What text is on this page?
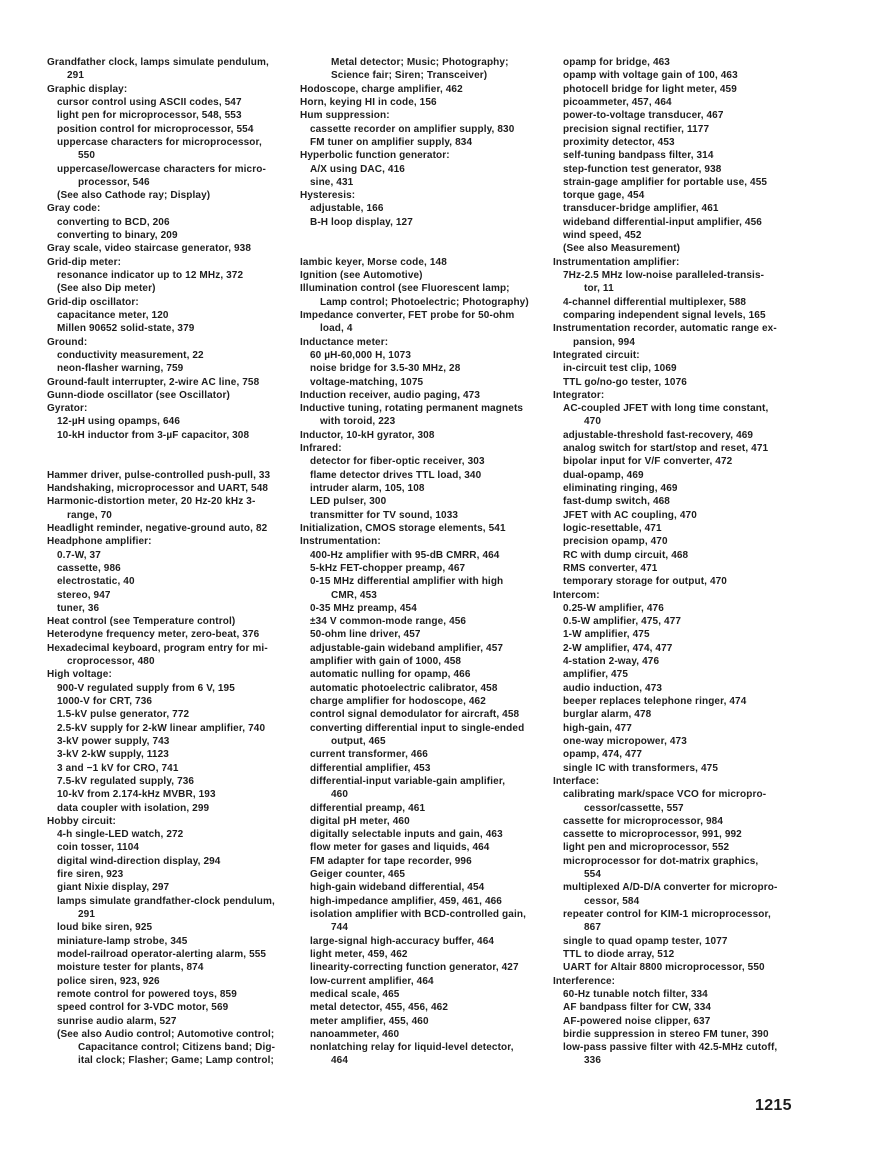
Grandfather clock, lamps simulate pendulum,
291
Graphic display:
cursor control using ASCII codes, 547
light pen for microprocessor, 548, 553
position control for microprocessor, 554
uppercase characters for microprocessor,
550
uppercase/lowercase characters for micro-
processor, 546
(See also Cathode ray; Display)
Gray code:
converting to BCD, 206
converting to binary, 209
Gray scale, video staircase generator, 938
Grid-dip meter:
resonance indicator up to 12 MHz, 372
(See also Dip meter)
Grid-dip oscillator:
capacitance meter, 120
Millen 90652 solid-state, 379
Ground:
conductivity measurement, 22
neon-flasher warning, 759
Ground-fault interrupter, 2-wire AC line, 758
Gunn-diode oscillator (see Oscillator)
Gyrator:
12-µH using opamps, 646
10-kH inductor from 3-µF capacitor, 308
Hammer driver, pulse-controlled push-pull, 33
Handshaking, microprocessor and UART, 548
Harmonic-distortion meter, 20 Hz-20 kHz 3-
range, 70
Headlight reminder, negative-ground auto, 82
Headphone amplifier:
0.7-W, 37
cassette, 986
electrostatic, 40
stereo, 947
tuner, 36
Heat control (see Temperature control)
Heterodyne frequency meter, zero-beat, 376
Hexadecimal keyboard, program entry for mi-
croprocessor, 480
High voltage:
900-V regulated supply from 6 V, 195
1000-V for CRT, 736
1.5-kV pulse generator, 772
2.5-kV supply for 2-kW linear amplifier, 740
3-kV power supply, 743
3-kV 2-kW supply, 1123
3 and −1 kV for CRO, 741
7.5-kV regulated supply, 736
10-kV from 2.174-kHz MVBR, 193
data coupler with isolation, 299
Hobby circuit:
4-h single-LED watch, 272
coin tosser, 1104
digital wind-direction display, 294
fire siren, 923
giant Nixie display, 297
lamps simulate grandfather-clock pendulum,
291
loud bike siren, 925
miniature-lamp strobe, 345
model-railroad operator-alerting alarm, 555
moisture tester for plants, 874
police siren, 923, 926
remote control for powered toys, 859
speed control for 3-VDC motor, 569
sunrise audio alarm, 527
(See also Audio control; Automotive control;
Capacitance control; Citizens band; Dig-
ital clock; Flasher; Game; Lamp control;
Metal detector; Music; Photography;
Science fair; Siren; Transceiver)
Hodoscope, charge amplifier, 462
Horn, keying HI in code, 156
Hum suppression:
cassette recorder on amplifier supply, 830
FM tuner on amplifier supply, 834
Hyperbolic function generator:
A/X using DAC, 416
sine, 431
Hysteresis:
adjustable, 166
B-H loop display, 127
Iambic keyer, Morse code, 148
Ignition (see Automotive)
Illumination control (see Fluorescent lamp;
Lamp control; Photoelectric; Photography)
Impedance converter, FET probe for 50-ohm
load, 4
Inductance meter:
60 µH-60,000 H, 1073
noise bridge for 3.5-30 MHz, 28
voltage-matching, 1075
Induction receiver, audio paging, 473
Inductive tuning, rotating permanent magnets
with toroid, 223
Inductor, 10-kH gyrator, 308
Infrared:
detector for fiber-optic receiver, 303
flame detector drives TTL load, 340
intruder alarm, 105, 108
LED pulser, 300
transmitter for TV sound, 1033
Initialization, CMOS storage elements, 541
Instrumentation:
400-Hz amplifier with 95-dB CMRR, 464
5-kHz FET-chopper preamp, 467
0-15 MHz differential amplifier with high
CMR, 453
0-35 MHz preamp, 454
±34 V common-mode range, 456
50-ohm line driver, 457
adjustable-gain wideband amplifier, 457
amplifier with gain of 1000, 458
automatic nulling for opamp, 466
automatic photoelectric calibrator, 458
charge amplifier for hodoscope, 462
control signal demodulator for aircraft, 458
converting differential input to single-ended
output, 465
current transformer, 466
differential amplifier, 453
differential-input variable-gain amplifier,
460
differential preamp, 461
digital pH meter, 460
digitally selectable inputs and gain, 463
flow meter for gases and liquids, 464
FM adapter for tape recorder, 996
Geiger counter, 465
high-gain wideband differential, 454
high-impedance amplifier, 459, 461, 466
isolation amplifier with BCD-controlled gain,
744
large-signal high-accuracy buffer, 464
light meter, 459, 462
linearity-correcting function generator, 427
low-current amplifier, 464
medical scale, 465
metal detector, 455, 456, 462
meter amplifier, 455, 460
nanoammeter, 460
nonlatching relay for liquid-level detector,
464
opamp for bridge, 463
opamp with voltage gain of 100, 463
photocell bridge for light meter, 459
picoammeter, 457, 464
power-to-voltage transducer, 467
precision signal rectifier, 1177
proximity detector, 453
self-tuning bandpass filter, 314
step-function test generator, 938
strain-gage amplifier for portable use, 455
torque gage, 454
transducer-bridge amplifier, 461
wideband differential-input amplifier, 456
wind speed, 452
(See also Measurement)
Instrumentation amplifier:
7Hz-2.5 MHz low-noise paralleled-transis-
tor, 11
4-channel differential multiplexer, 588
comparing independent signal levels, 165
Instrumentation recorder, automatic range ex-
pansion, 994
Integrated circuit:
in-circuit test clip, 1069
TTL go/no-go tester, 1076
Integrator:
AC-coupled JFET with long time constant,
470
adjustable-threshold fast-recovery, 469
analog switch for start/stop and reset, 471
bipolar input for V/F converter, 472
dual-opamp, 469
eliminating ringing, 469
fast-dump switch, 468
JFET with AC coupling, 470
logic-resettable, 471
precision opamp, 470
RC with dump circuit, 468
RMS converter, 471
temporary storage for output, 470
Intercom:
0.25-W amplifier, 476
0.5-W amplifier, 475, 477
1-W amplifier, 475
2-W amplifier, 474, 477
4-station 2-way, 476
amplifier, 475
audio induction, 473
beeper replaces telephone ringer, 474
burglar alarm, 478
high-gain, 477
one-way micropower, 473
opamp, 474, 477
single IC with transformers, 475
Interface:
calibrating mark/space VCO for micropro-
cessor/cassette, 557
cassette for microprocessor, 984
cassette to microprocessor, 991, 992
light pen and microprocessor, 552
microprocessor for dot-matrix graphics,
554
multiplexed A/D-D/A converter for micropro-
cessor, 584
repeater control for KIM-1 microprocessor,
867
single to quad opamp tester, 1077
TTL to diode array, 512
UART for Altair 8800 microprocessor, 550
Interference:
60-Hz tunable notch filter, 334
AF bandpass filter for CW, 334
AF-powered noise clipper, 637
birdie suppression in stereo FM tuner, 390
low-pass passive filter with 42.5-MHz cutoff,
336
1215
